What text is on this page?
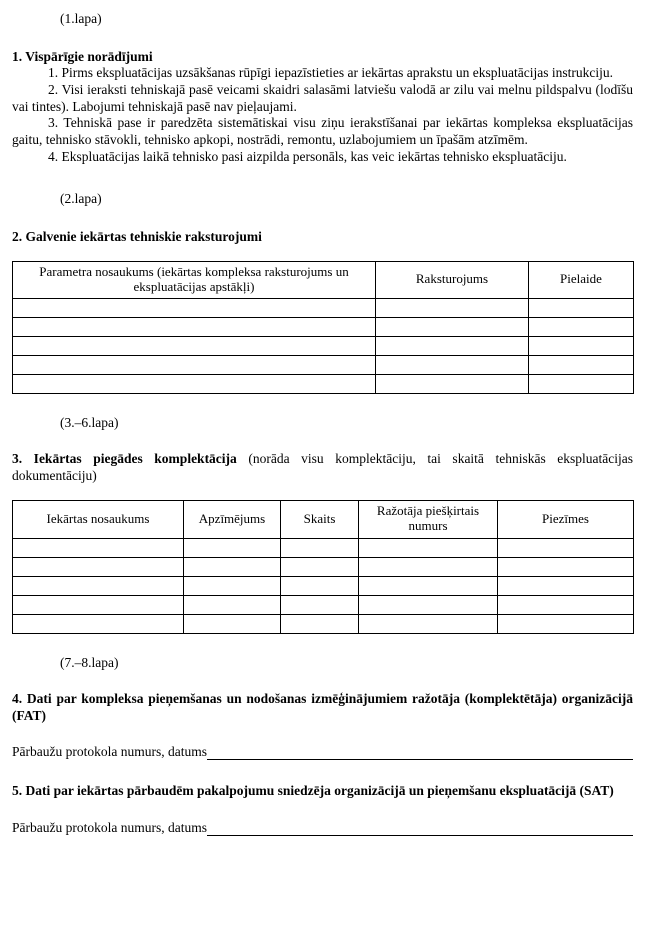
(1.lapa)

1. Vispārīgie norādījumi

1. Pirms ekspluatācijas uzsākšanas rūpīgi iepazīstieties ar iekārtas aprakstu un ekspluatācijas instrukciju.

2. Visi ieraksti tehniskajā pasē veicami skaidri salasāmi latviešu valodā ar zilu vai melnu pildspalvu (lodīšu vai tintes). Labojumi tehniskajā pasē nav pieļaujami.

3. Tehniskā pase ir paredzēta sistemātiskai visu ziņu ierakstīšanai par iekārtas kompleksa ekspluatācijas gaitu, tehnisko stāvokli, tehnisko apkopi, nostrādi, remontu, uzlabojumiem un īpašām atzīmēm.

4. Ekspluatācijas laikā tehnisko pasi aizpilda personāls, kas veic iekārtas tehnisko ekspluatāciju.

(2.lapa)

2. Galvenie iekārtas tehniskie raksturojumi

Parametra nosaukums (iekārtas kompleksa raksturojums un ekspluatācijas apstākļi)	Raksturojums	Pielaide

(3.–6.lapa)

3. Iekārtas piegādes komplektācija (norāda visu komplektāciju, tai skaitā tehniskās ekspluatācijas dokumentāciju)

Iekārtas nosaukums	Apzīmējums	Skaits	Ražotāja piešķirtais numurs	Piezīmes

(7.–8.lapa)

4. Dati par kompleksa pieņemšanas un nodošanas izmēģinājumiem ražotāja (komplektētāja) organizācijā (FAT)

Pārbaužu protokola numurs, datums

5. Dati par iekārtas pārbaudēm pakalpojumu sniedzēja organizācijā un pieņemšanu ekspluatācijā (SAT)

Pārbaužu protokola numurs, datums
